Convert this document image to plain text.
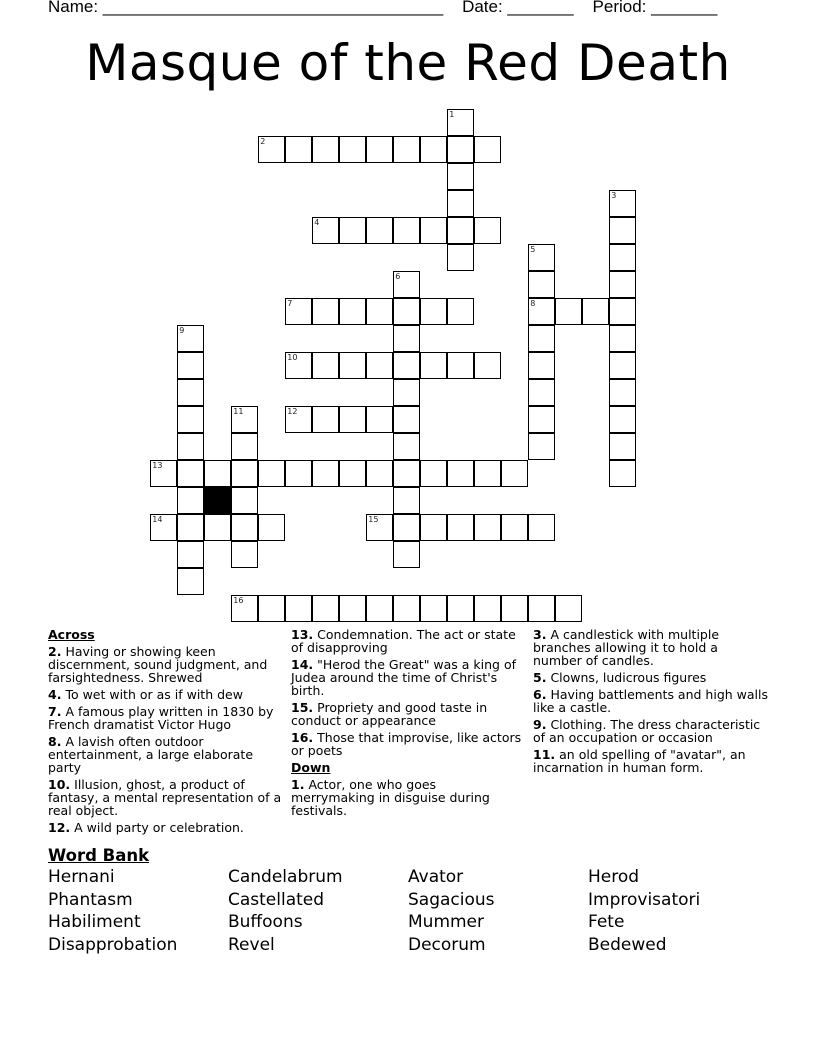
Name: ____________________________________ Date: _______ Period: _______
Masque of the Red Death
1
2
3
4
5
8
6
7
9
10
11	12
13
14	15
16
Across
2. Having or showing keen discernment, sound judgment, and farsightedness. Shrewed
4. To wet with or as if with dew
7. A famous play written in 1830 by French dramatist Victor Hugo
8. A lavish often outdoor entertainment, a large elaborate party
10. Illusion, ghost, a product of fantasy, a mental representation of a real object.
12. A wild party or celebration.
13. Condemnation. The act or state of disapproving
14. "Herod the Great" was a king of Judea around the time of Christ's birth.
15. Propriety and good taste in conduct or appearance
16. Those that improvise, like actors or poets
Down
1. Actor, one who goes merrymaking in disguise during festivals.
3. A candlestick with multiple branches allowing it to hold a number of candles.
5. Clowns, ludicrous figures
6. Having battlements and high walls like a castle.
9. Clothing. The dress characteristic of an occupation or occasion
11. an old spelling of "avatar", an incarnation in human form.
Word Bank
Hernani	Candelabrum	Avator	Herod
Phantasm	Castellated	Sagacious	Improvisatori
Habiliment	Buffoons	Mummer	Fete
Disapprobation	Revel	Decorum	Bedewed
